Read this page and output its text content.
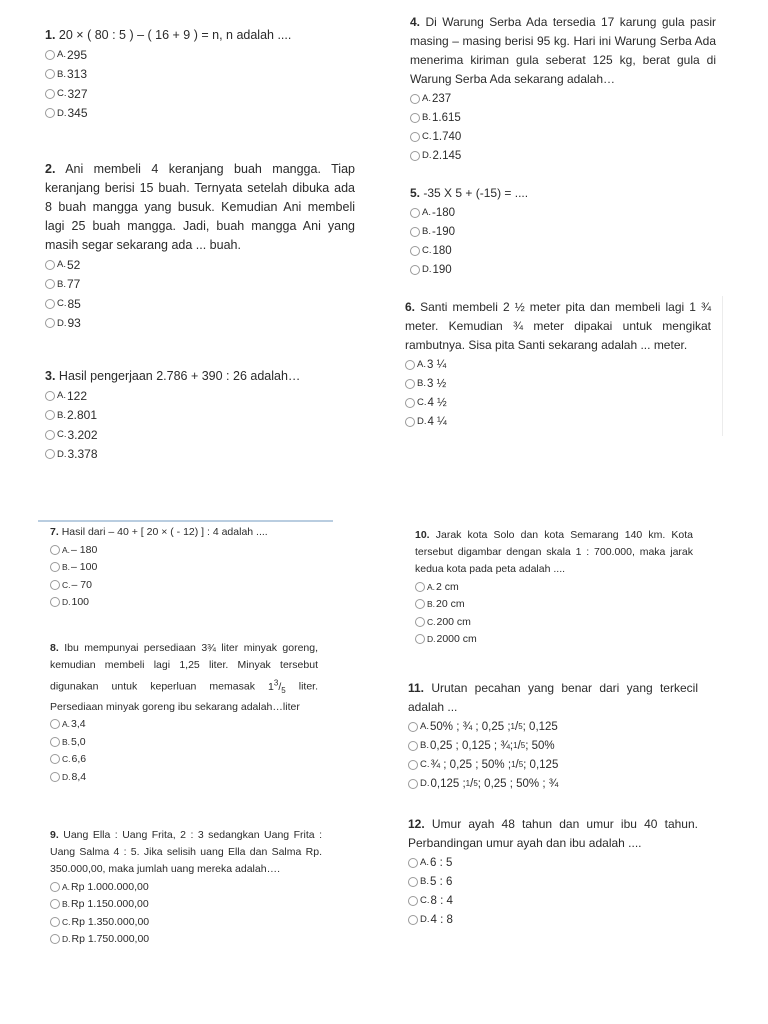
1. 20 × ( 80 : 5 ) – ( 16 + 9 ) = n, n adalah ....
A. 295
B. 313
C. 327
D. 345
2. Ani membeli 4 keranjang buah mangga. Tiap keranjang berisi 15 buah. Ternyata setelah dibuka ada 8 buah mangga yang busuk. Kemudian Ani membeli lagi 25 buah mangga. Jadi, buah mangga Ani yang masih segar sekarang ada ... buah.
A. 52
B. 77
C. 85
D. 93
3. Hasil pengerjaan 2.786 + 390 : 26 adalah…
A. 122
B. 2.801
C. 3.202
D. 3.378
4. Di Warung Serba Ada tersedia 17 karung gula pasir masing – masing berisi 95 kg. Hari ini Warung Serba Ada menerima kiriman gula seberat 125 kg, berat gula di Warung Serba Ada sekarang adalah…
A. 237
B. 1.615
C. 1.740
D. 2.145
5. -35 X 5 + (-15) = ....
A. -180
B. -190
C. 180
D. 190
6. Santi membeli 2 ½ meter pita dan membeli lagi 1 ¾ meter. Kemudian ¾ meter dipakai untuk mengikat rambutnya. Sisa pita Santi sekarang adalah ... meter.
A. 3 ¼
B. 3 ½
C. 4 ½
D. 4 ¼
7. Hasil dari – 40 + [ 20 × ( - 12) ] : 4 adalah ....
A. – 180
B. – 100
C. – 70
D. 100
8. Ibu mempunyai persediaan 3¾ liter minyak goreng, kemudian membeli lagi 1,25 liter. Minyak tersebut digunakan untuk keperluan memasak $1^3/_5$ liter. Persediaan minyak goreng ibu sekarang adalah…liter
A. 3,4
B. 5,0
C. 6,6
D. 8,4
9. Uang Ella : Uang Frita, 2 : 3 sedangkan Uang Frita : Uang Salma 4 : 5. Jika selisih uang Ella dan Salma Rp. 350.000,00, maka jumlah uang mereka adalah….
A. Rp 1.000.000,00
B. Rp 1.150.000,00
C. Rp 1.350.000,00
D. Rp 1.750.000,00
10. Jarak kota Solo dan kota Semarang 140 km. Kota tersebut digambar dengan skala 1 : 700.000, maka jarak kedua kota pada peta adalah ....
A. 2 cm
B. 20 cm
C. 200 cm
D. 2000 cm
11. Urutan pecahan yang benar dari yang terkecil adalah ...
A. 50% ; ¾ ; 0,25 ; 1 / 5 ; 0,125
B. 0,25 ; 0,125 ; ¾; 1 / 5 ; 50%
C. ¾ ; 0,25 ; 50% ; 1 / 5 ; 0,125
D. 0,125 ; 1 / 5 ; 0,25 ; 50% ; ¾
12. Umur ayah 48 tahun dan umur ibu 40 tahun. Perbandingan umur ayah dan ibu adalah ....
A. 6 : 5
B. 5 : 6
C. 8 : 4
D. 4 : 8
